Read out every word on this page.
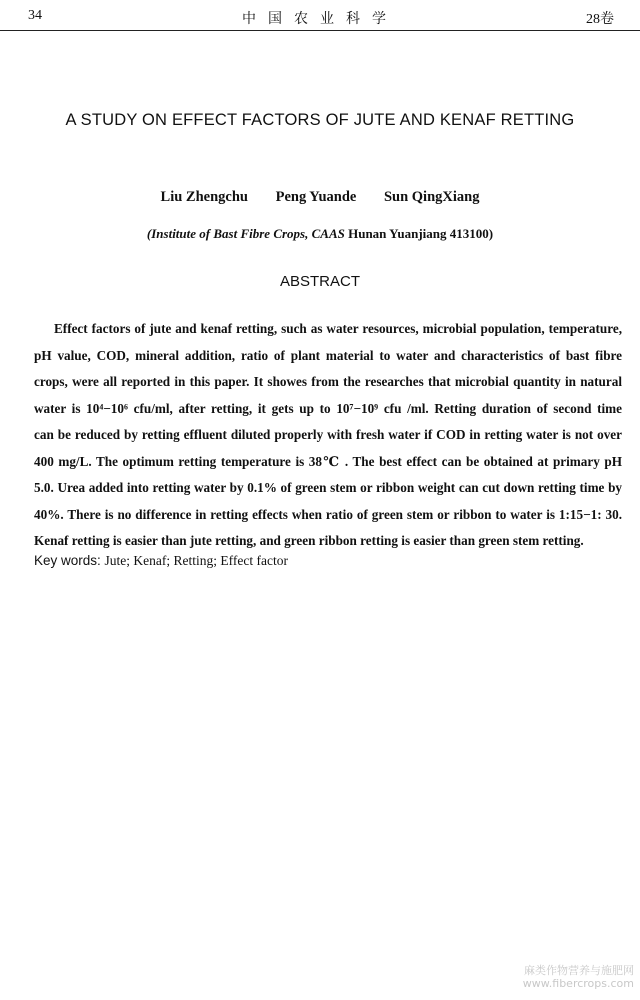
34	中国农业科学	28卷
A STUDY ON EFFECT FACTORS OF JUTE AND KENAF RETTING
Liu Zhengchu Peng Yuande Sun QingXiang
(Institute of Bast Fibre Crops, CAAS Hunan Yuanjiang 413100)
ABSTRACT
Effect factors of jute and kenaf retting, such as water resources, microbial population, temperature,
pH value, COD, mineral addition, ratio of plant material to water and characteristics of bast fibre
crops, were all reported in this paper. It showes from the researches that microbial quantity in natural
water is 10⁴−10⁶ cfu/ml, after retting, it gets up to 10⁷−10⁹ cfu /ml. Retting duration of second time
can be reduced by retting effluent diluted properly with fresh water if COD in retting water is not over
400 mg/L. The optimum retting temperature is 38℃ . The best effect can be obtained at primary pH
5.0. Urea added into retting water by 0.1% of green stem or ribbon weight can cut down retting time by
40%. There is no difference in retting effects when ratio of green stem or ribbon to water is 1:15−1: 30.
Kenaf retting is easier than jute retting, and green ribbon retting is easier than green stem retting.
Key words: Jute; Kenaf; Retting; Effect factor
麻类作物营养与施肥网
www.fibercrops.com
